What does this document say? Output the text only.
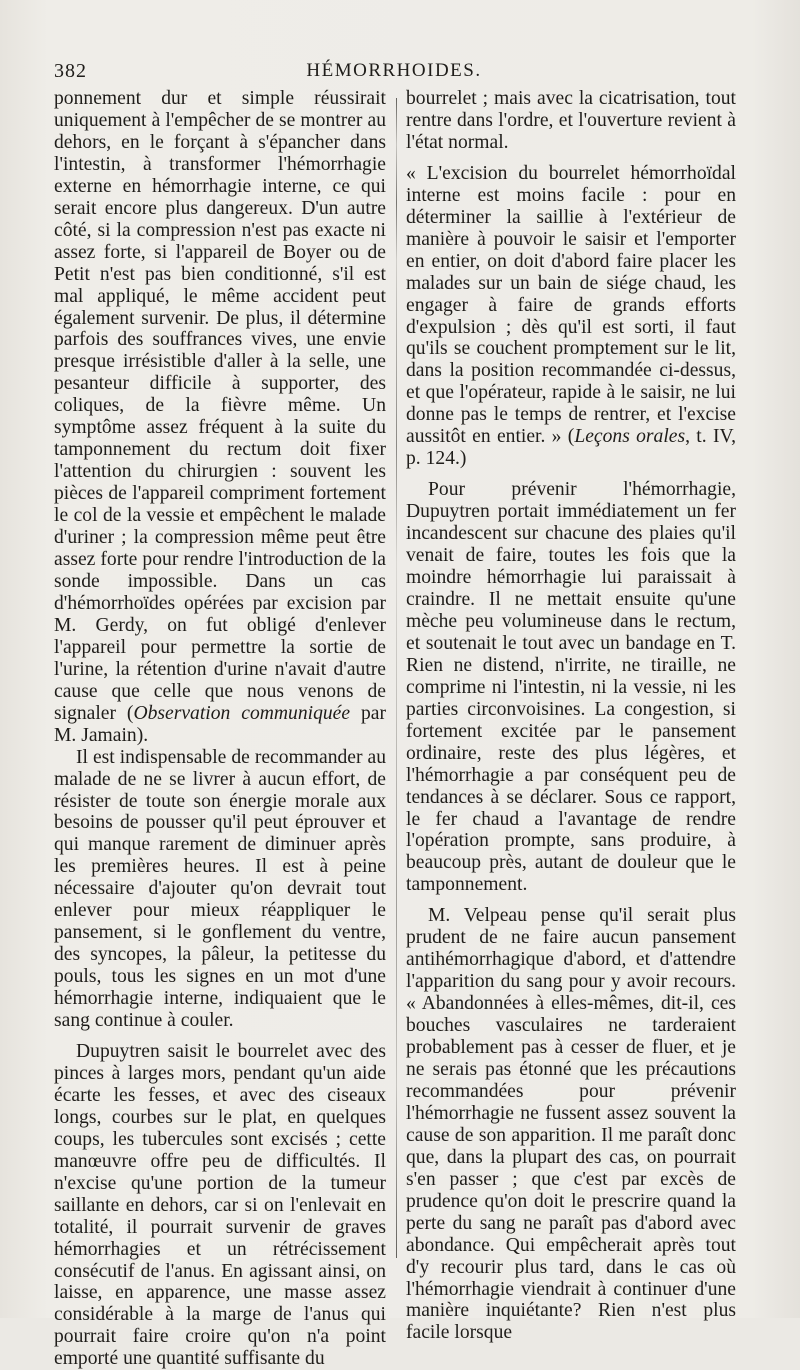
382	HÉMORRHOIDES.

ponnement dur et simple réussirait uniquement à l'empêcher de se montrer au dehors, en le forçant à s'épancher dans l'intestin, à transformer l'hémorrhagie externe en hémorrhagie interne, ce qui serait encore plus dangereux. D'un autre côté, si la compression n'est pas exacte ni assez forte, si l'appareil de Boyer ou de Petit n'est pas bien conditionné, s'il est mal appliqué, le même accident peut également survenir. De plus, il détermine parfois des souffrances vives, une envie presque irrésistible d'aller à la selle, une pesanteur difficile à supporter, des coliques, de la fièvre même. Un symptôme assez fréquent à la suite du tamponnement du rectum doit fixer l'attention du chirurgien : souvent les pièces de l'appareil compriment fortement le col de la vessie et empêchent le malade d'uriner ; la compression même peut être assez forte pour rendre l'introduction de la sonde impossible. Dans un cas d'hémorrhoïdes opérées par excision par M. Gerdy, on fut obligé d'enlever l'appareil pour permettre la sortie de l'urine, la rétention d'urine n'avait d'autre cause que celle que nous venons de signaler (Observation communiquée par M. Jamain).

Il est indispensable de recommander au malade de ne se livrer à aucun effort, de résister de toute son énergie morale aux besoins de pousser qu'il peut éprouver et qui manque rarement de diminuer après les premières heures. Il est à peine nécessaire d'ajouter qu'on devrait tout enlever pour mieux réappliquer le pansement, si le gonflement du ventre, des syncopes, la pâleur, la petitesse du pouls, tous les signes en un mot d'une hémorrhagie interne, indiquaient que le sang continue à couler.

Dupuytren saisit le bourrelet avec des pinces à larges mors, pendant qu'un aide écarte les fesses, et avec des ciseaux longs, courbes sur le plat, en quelques coups, les tubercules sont excisés ; cette manœuvre offre peu de difficultés. Il n'excise qu'une portion de la tumeur saillante en dehors, car si on l'enlevait en totalité, il pourrait survenir de graves hémorrhagies et un rétrécissement consécutif de l'anus. En agissant ainsi, on laisse, en apparence, une masse assez considérable à la marge de l'anus qui pourrait faire croire qu'on n'a point emporté une quantité suffisante du

bourrelet ; mais avec la cicatrisation, tout rentre dans l'ordre, et l'ouverture revient à l'état normal.

« L'excision du bourrelet hémorrhoïdal interne est moins facile : pour en déterminer la saillie à l'extérieur de manière à pouvoir le saisir et l'emporter en entier, on doit d'abord faire placer les malades sur un bain de siége chaud, les engager à faire de grands efforts d'expulsion ; dès qu'il est sorti, il faut qu'ils se couchent promptement sur le lit, dans la position recommandée ci-dessus, et que l'opérateur, rapide à le saisir, ne lui donne pas le temps de rentrer, et l'excise aussitôt en entier. » (Leçons orales, t. IV, p. 124.)

Pour prévenir l'hémorrhagie, Dupuytren portait immédiatement un fer incandescent sur chacune des plaies qu'il venait de faire, toutes les fois que la moindre hémorrhagie lui paraissait à craindre. Il ne mettait ensuite qu'une mèche peu volumineuse dans le rectum, et soutenait le tout avec un bandage en T. Rien ne distend, n'irrite, ne tiraille, ne comprime ni l'intestin, ni la vessie, ni les parties circonvoisines. La congestion, si fortement excitée par le pansement ordinaire, reste des plus légères, et l'hémorrhagie a par conséquent peu de tendances à se déclarer. Sous ce rapport, le fer chaud a l'avantage de rendre l'opération prompte, sans produire, à beaucoup près, autant de douleur que le tamponnement.

M. Velpeau pense qu'il serait plus prudent de ne faire aucun pansement antihémorrhagique d'abord, et d'attendre l'apparition du sang pour y avoir recours. « Abandonnées à elles-mêmes, dit-il, ces bouches vasculaires ne tarderaient probablement pas à cesser de fluer, et je ne serais pas étonné que les précautions recommandées pour prévenir l'hémorrhagie ne fussent assez souvent la cause de son apparition. Il me paraît donc que, dans la plupart des cas, on pourrait s'en passer ; que c'est par excès de prudence qu'on doit le prescrire quand la perte du sang ne paraît pas d'abord avec abondance. Qui empêcherait après tout d'y recourir plus tard, dans le cas où l'hémorrhagie viendrait à continuer d'une manière inquiétante? Rien n'est plus facile lorsque
